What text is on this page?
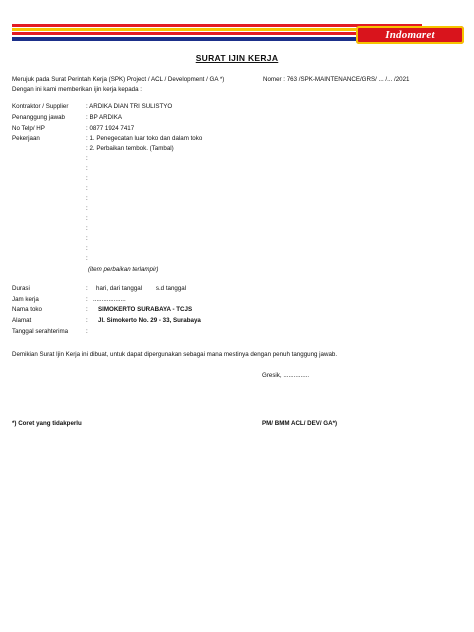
Indomaret
SURAT IJIN KERJA
Merujuk pada Surat Perintah Kerja (SPK) Project / ACL / Development / GA *)	Nomer : 763 /SPK-MAINTENANCE/GRS/ ... /... /2021
Dengan ini kami memberikan ijin kerja kepada :
Kontraktor / Supplier	: ARDIKA DIAN TRI SULISTYO
Penanggung jawab	: BP ARDIKA
No Telp/ HP	: 0877 1924 7417
Pekerjaan	: 1. Penegecatan luar toko dan dalam toko
: 2. Perbaikan tembok. (Tambal)
:
:
:
:
:
:
:
:
:
:
:
(item perbaikan terlampir)
Durasi	: hari, dari tanggal        s.d tanggal
Jam kerja	: ...................
Nama toko	: SIMOKERTO SURABAYA - TCJS
Alamat	: Jl. Simokerto No. 29 - 33, Surabaya
Tanggal serahterima	:
Demikian Surat Ijin Kerja ini dibuat, untuk dapat dipergunakan sebagai mana mestinya dengan penuh tanggung jawab.
Gresik, ...............
*) Coret yang tidakperlu	PM/ BMM ACL/ DEV/ GA*)
